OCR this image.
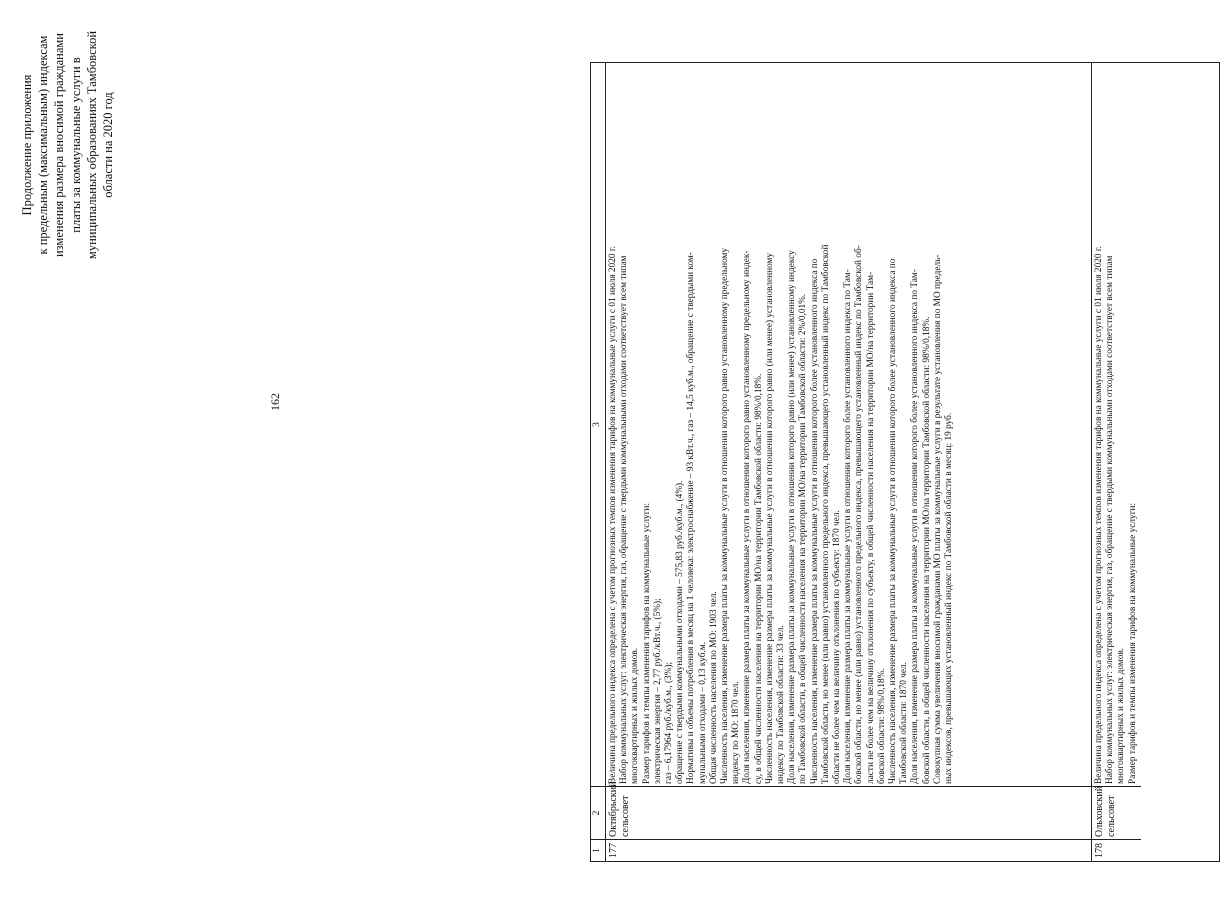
162
Продолжение приложения к предельным (максимальным) индексам изменения размера вносимой гражданами платы за коммунальные услуги в муниципальных образованиях Тамбовской области на 2020 год
1
2
3
177
Октябрьский сельсовет
Величина предельного индекса определена с учетом прогнозных темпов изменения тарифов на коммунальные услуги с 01 июля 2020 г. Набор коммунальных услуг: электрическая энергия, газ, обращение с твердыми коммунальными отходами соответствует всем типам многоквартирных и жилых домов. Размер тарифов и темпы изменения тарифов на коммунальные услуги: электрическая энергия – 2,77 руб./кВт.ч., (5%); газ – 6,17964 руб./куб.м., (3%); обращение с твердыми коммунальными отходами – 575,83 руб./куб.м., (4%). Нормативы и объемы потребления в месяц на 1 человека: электроснабжение – 93 кВт.ч., газ – 14,5 куб.м., обращение с твердыми ком- мунальными отходами – 0,13 куб.м. Общая численность населения по МО: 1903 чел. Численность населения, изменение размера платы за коммунальные услуги в отношении которого равно установленному предельному индексу по МО: 1870 чел. Доля населения, изменение размера платы за коммунальные услуги в отношении которого равно установленному предельному индек- су, в общей численности населения на территории МО/на территории Тамбовской области: 98%/0,18%. Численность населения, изменение размера платы за коммунальные услуги в отношении которого равно (или менее) установленному индексу по Тамбовской области: 33 чел. Доля населения, изменение размера платы за коммунальные услуги в отношении которого равно (или менее) установленному индексу по Тамбовской области, в общей численности населения на территории МО/на территории Тамбовской области: 2%/0,01%. Численность населения, изменение размера платы за коммунальные услуги в отношении которого более установленного индекса по Тамбовской области, но менее (или равно) установленного предельного индекса, превышающего установленный индекс по Тамбовской области не более чем на величину отклонения по субъекту: 1870 чел. Доля населения, изменение размера платы за коммунальные услуги в отношении которого более установленного индекса по Там- бовской области, но менее (или равно) установленного предельного индекса, превышающего установленный индекс по Тамбовской об- ласти не более чем на величину отклонения по субъекту, в общей численности населения на территории МО/на территории Там- бовской области: 98%/0,18%. Численность населения, изменение размера платы за коммунальные услуги в отношении которого более установленного индекса по Тамбовской области: 1870 чел. Доля населения, изменение размера платы за коммунальные услуги в отношении которого более установленного индекса по Там- бовской области, в общей численности населения на территории МО/на территории Тамбовской области: 98%/0,18%. Совокупная сумма увеличения вносимой гражданами МО платы за коммунальные услуги в результате установления по МО предель- ных индексов, превышающих установленный индекс по Тамбовской области в месяц: 19 руб.
178
Ольховский сельсовет
Величина предельного индекса определена с учетом прогнозных темпов изменения тарифов на коммунальные услуги с 01 июля 2020 г. Набор коммунальных услуг: электрическая энергия, газ, обращение с твердыми коммунальными отходами соответствует всем типам многоквартирных и жилых домов. Размер тарифов и темпы изменения тарифов на коммунальные услуги:
